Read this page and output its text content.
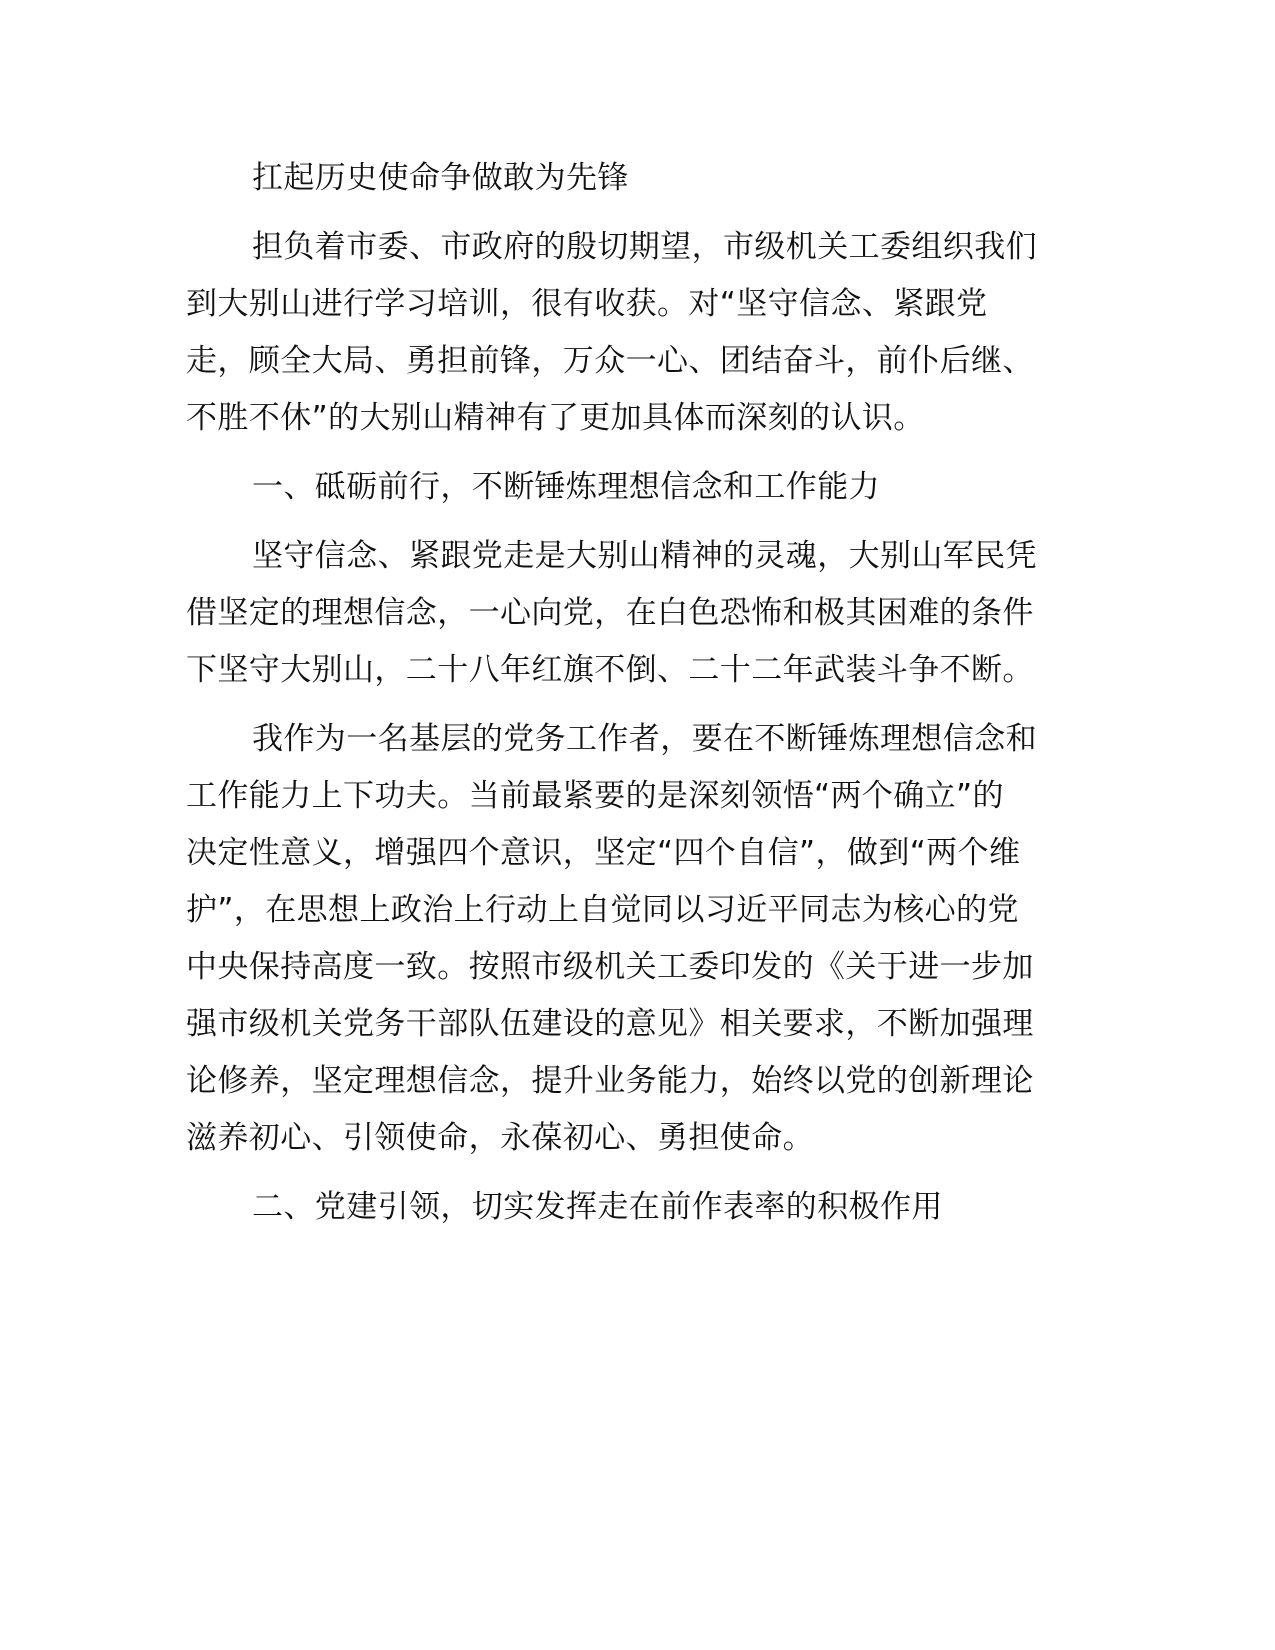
扛起历史使命争做敢为先锋
担负着市委、市政府的殷切期望，市级机关工委组织我们
到大别山进行学习培训，很有收获。对“坚守信念、紧跟党
走，顾全大局、勇担前锋，万众一心、团结奋斗，前仆后继、
不胜不休”的大别山精神有了更加具体而深刻的认识。
一、砥砺前行，不断锤炼理想信念和工作能力
坚守信念、紧跟党走是大别山精神的灵魂，大别山军民凭
借坚定的理想信念，一心向党，在白色恐怖和极其困难的条件
下坚守大别山，二十八年红旗不倒、二十二年武装斗争不断。
我作为一名基层的党务工作者，要在不断锤炼理想信念和
工作能力上下功夫。当前最紧要的是深刻领悟“两个确立”的
决定性意义，增强四个意识，坚定“四个自信”，做到“两个维
护”，在思想上政治上行动上自觉同以习近平同志为核心的党
中央保持高度一致。按照市级机关工委印发的《关于进一步加
强市级机关党务干部队伍建设的意见》相关要求，不断加强理
论修养，坚定理想信念，提升业务能力，始终以党的创新理论
滋养初心、引领使命，永葆初心、勇担使命。
二、党建引领，切实发挥走在前作表率的积极作用
